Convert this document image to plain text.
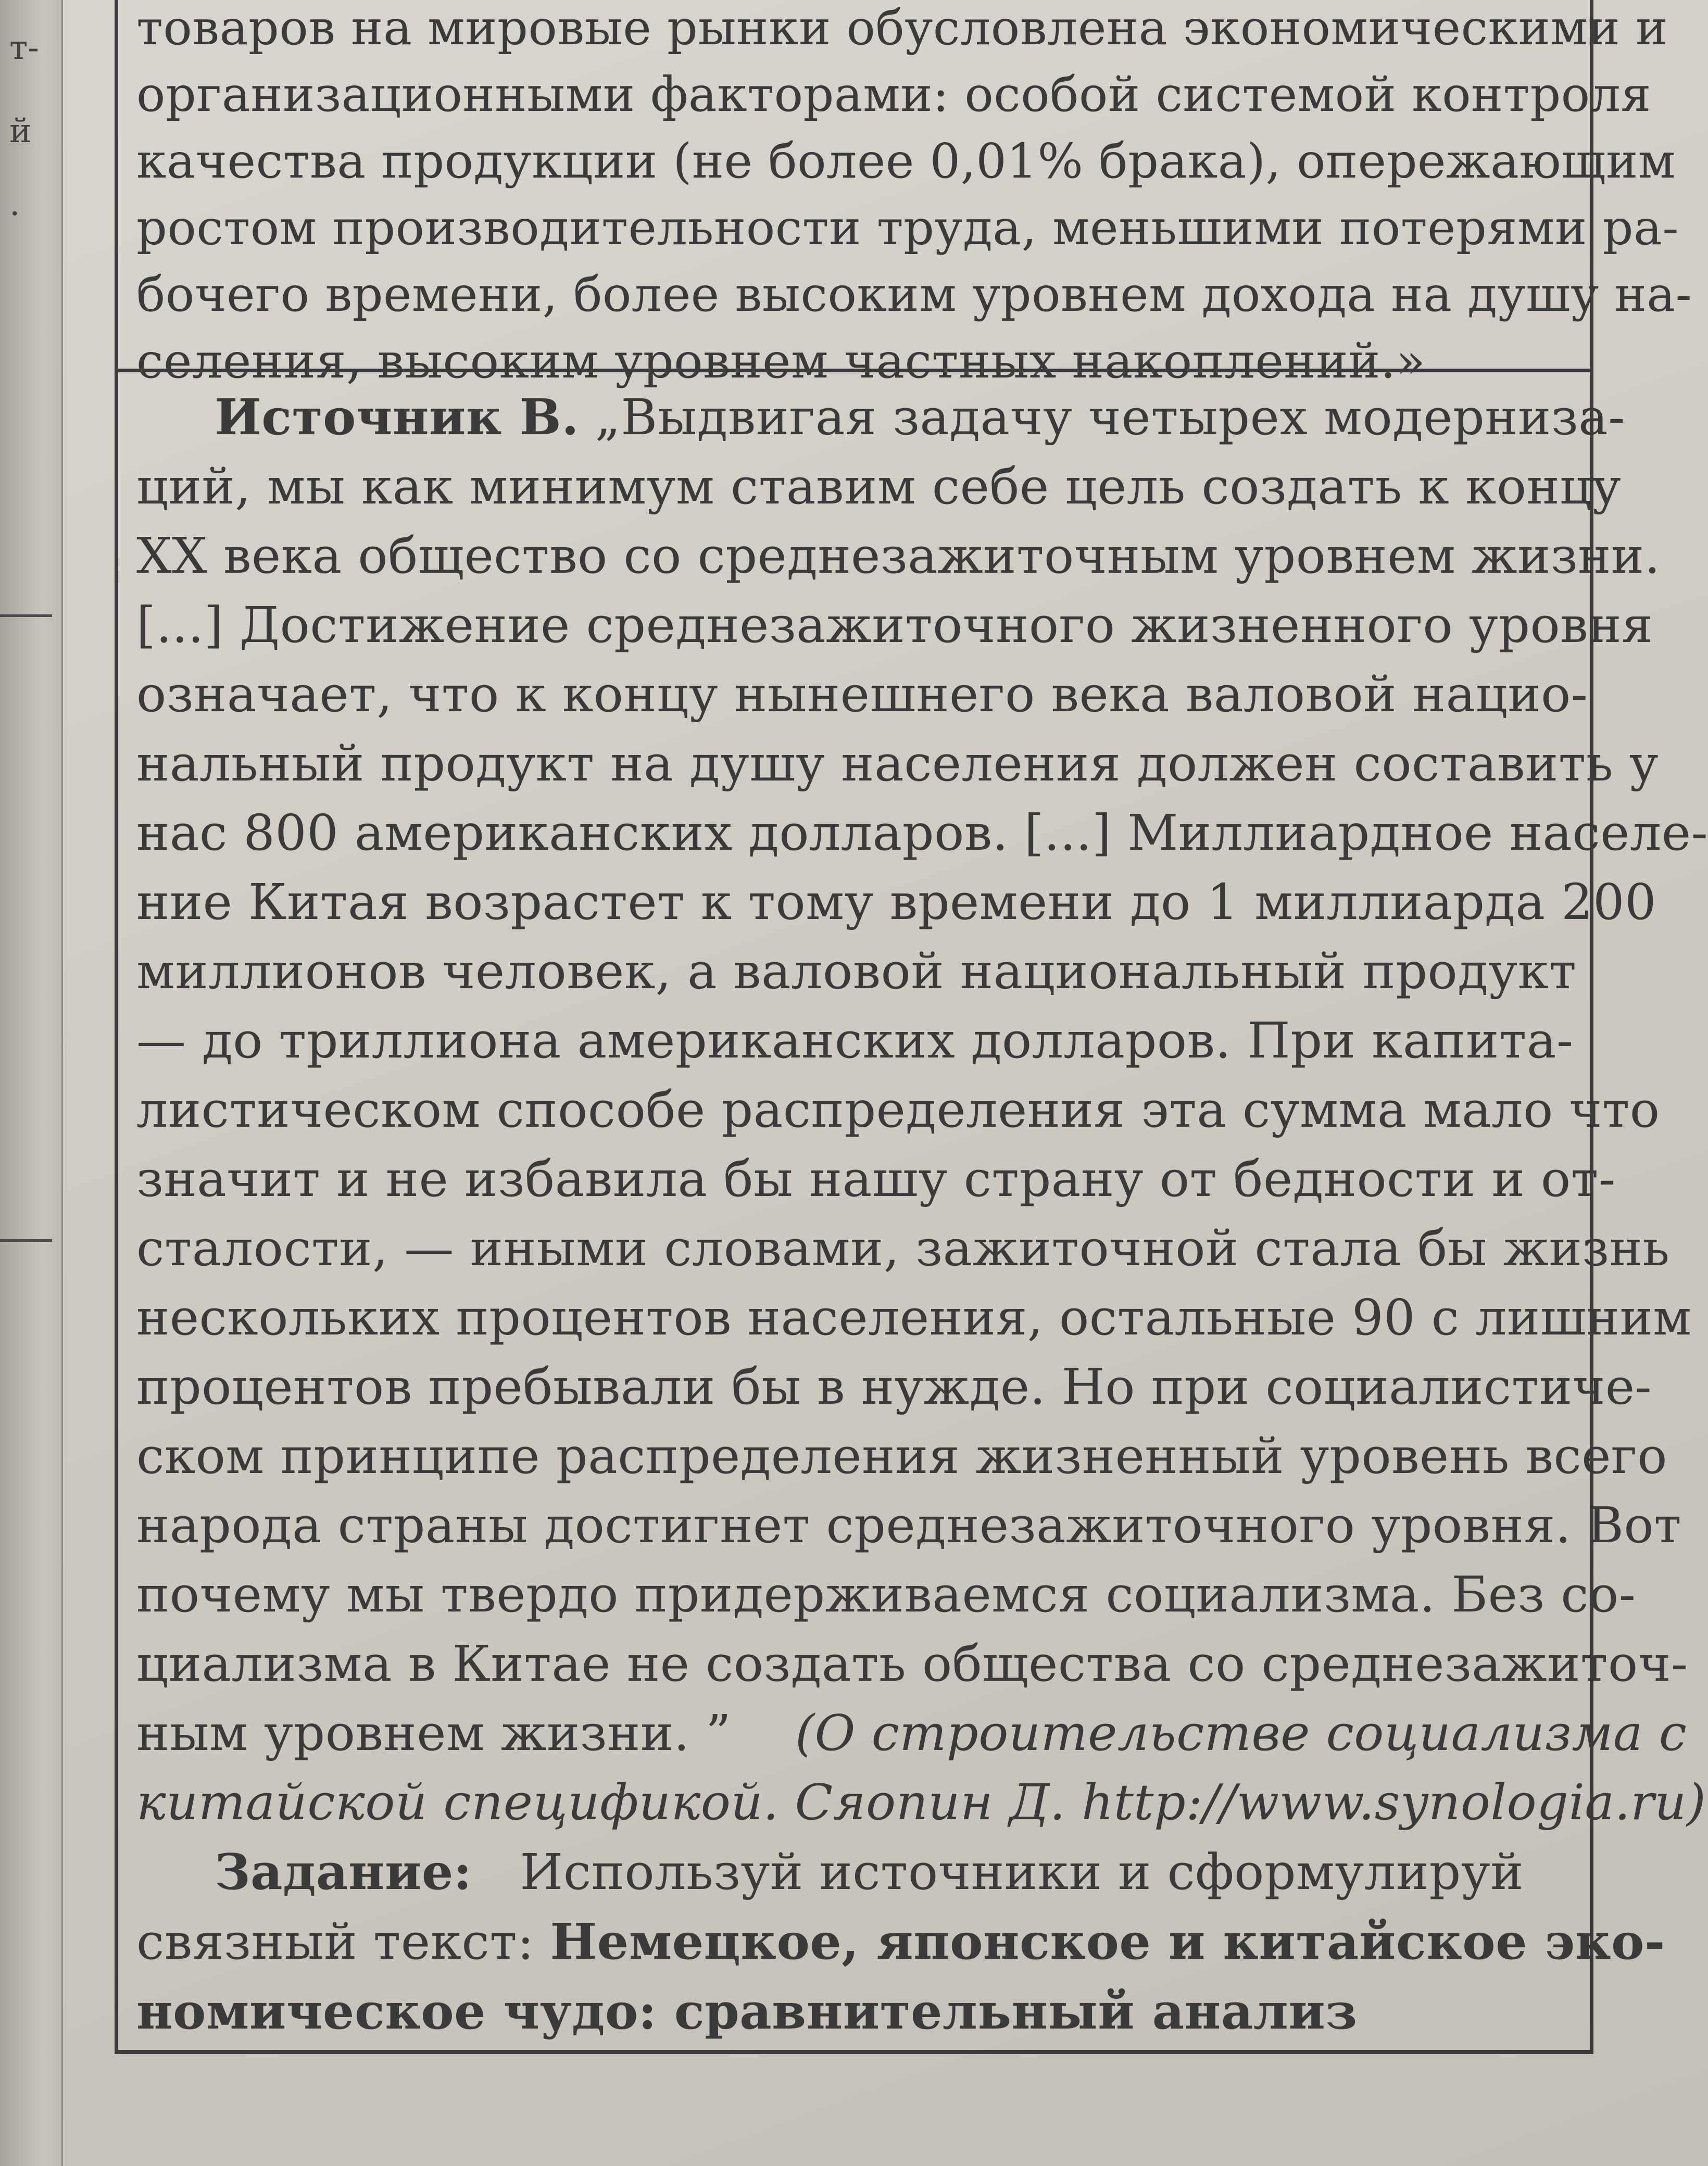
т-
й
.
товаров на мировые рынки обусловлена экономическими и
организационными факторами: особой системой контроля
качества продукции (не более 0,01% брака), опережающим
ростом производительности труда, меньшими потерями ра-
бочего времени, более высоким уровнем дохода на душу на-
селения, высоким уровнем частных накоплений.»
Источник В. „Выдвигая задачу четырех модерниза-
ций, мы как минимум ставим себе цель создать к концу
XX века общество со среднезажиточным уровнем жизни.
[...] Достижение среднезажиточного жизненного уровня
означает, что к концу нынешнего века валовой нацио-
нальный продукт на душу населения должен составить у
нас 800 американских долларов. [...] Миллиардное населе-
ние Китая возрастет к тому времени до 1 миллиарда 200
миллионов человек, а валовой национальный продукт
— до триллиона американских долларов. При капита-
листическом способе распределения эта сумма мало что
значит и не избавила бы нашу страну от бедности и от-
сталости, — иными словами, зажиточной стала бы жизнь
нескольких процентов населения, остальные 90 с лишним
процентов пребывали бы в нужде. Но при социалистиче-
ском принципе распределения жизненный уровень всего
народа страны достигнет среднезажиточного уровня. Вот
почему мы твердо придерживаемся социализма. Без со-
циализма в Китае не создать общества со среднезажиточ-
ным уровнем жизни. ” (О строительстве социализма с
китайской спецификой. Сяопин Д. http://www.synologia.ru)
Задание: Используй источники и сформулируй
связный текст: Немецкое, японское и китайское эко-
номическое чудо: сравнительный анализ
